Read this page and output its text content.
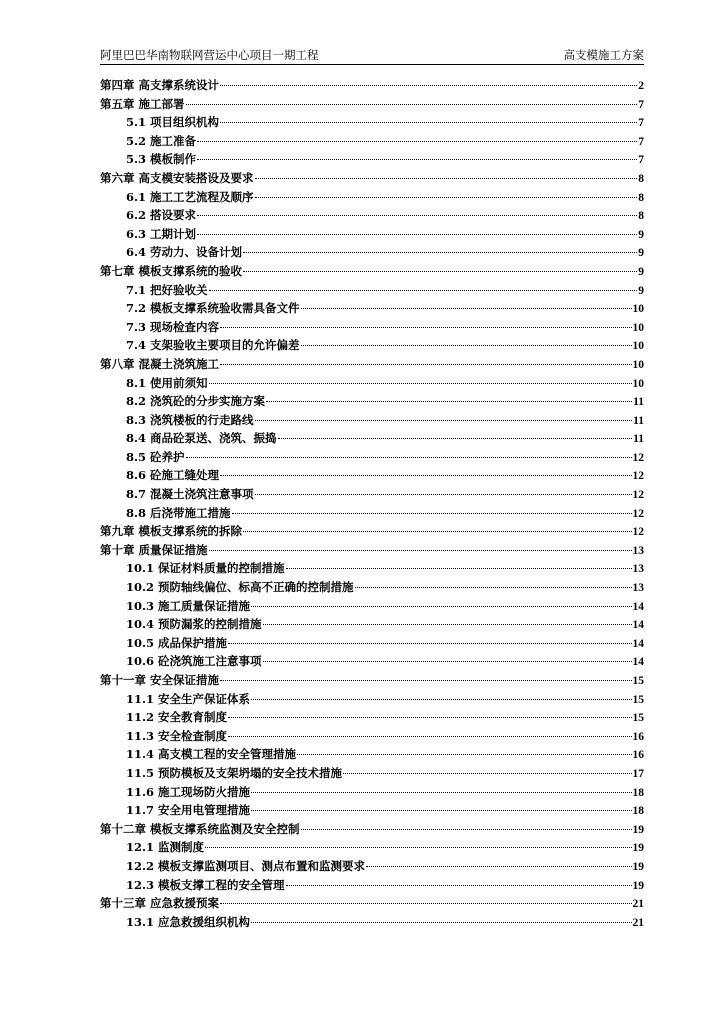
阿里巴巴华南物联网营运中心项目一期工程	高支模施工方案
第四章 高支撑系统设计	2
第五章 施工部署	7
5.1 项目组织机构	7
5.2 施工准备	7
5.3 模板制作	7
第六章 高支模安装搭设及要求	8
6.1 施工工艺流程及顺序	8
6.2 搭设要求	8
6.3 工期计划	9
6.4 劳动力、设备计划	9
第七章 模板支撑系统的验收	9
7.1 把好验收关	9
7.2 模板支撑系统验收需具备文件	10
7.3 现场检查内容	10
7.4 支架验收主要项目的允许偏差	10
第八章 混凝土浇筑施工	10
8.1 使用前须知	10
8.2 浇筑砼的分步实施方案	11
8.3 浇筑楼板的行走路线	11
8.4 商品砼泵送、浇筑、振捣	11
8.5 砼养护	12
8.6 砼施工缝处理	12
8.7 混凝土浇筑注意事项	12
8.8 后浇带施工措施	12
第九章 模板支撑系统的拆除	12
第十章 质量保证措施	13
10.1 保证材料质量的控制措施	13
10.2 预防轴线偏位、标高不正确的控制措施	13
10.3 施工质量保证措施	14
10.4 预防漏浆的控制措施	14
10.5 成品保护措施	14
10.6 砼浇筑施工注意事项	14
第十一章 安全保证措施	15
11.1 安全生产保证体系	15
11.2 安全教育制度	15
11.3 安全检查制度	16
11.4 高支模工程的安全管理措施	16
11.5 预防模板及支架坍塌的安全技术措施	17
11.6 施工现场防火措施	18
11.7 安全用电管理措施	18
第十二章 模板支撑系统监测及安全控制	19
12.1 监测制度	19
12.2 模板支撑监测项目、测点布置和监测要求	19
12.3 模板支撑工程的安全管理	19
第十三章 应急救援预案	21
13.1 应急救援组织机构	21
